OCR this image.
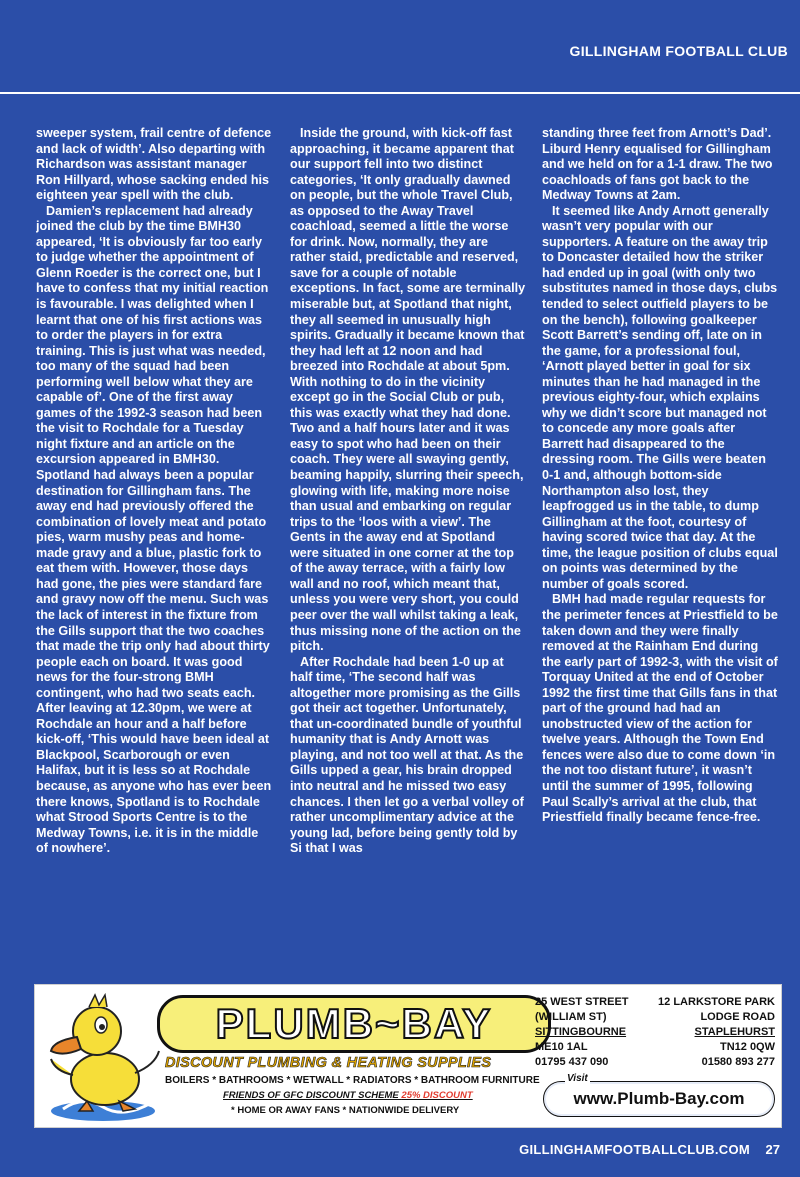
GILLINGHAM FOOTBALL CLUB

sweeper system, frail centre of defence and lack of width’. Also departing with Richardson was assistant manager Ron Hillyard, whose sacking ended his eighteen year spell with the club.

Damien’s replacement had already joined the club by the time BMH30 appeared, ‘It is obviously far too early to judge whether the appointment of Glenn Roeder is the correct one, but I have to confess that my initial reaction is favourable. I was delighted when I learnt that one of his first actions was to order the players in for extra training. This is just what was needed, too many of the squad had been performing well below what they are capable of’. One of the first away games of the 1992-3 season had been the visit to Rochdale for a Tuesday night fixture and an article on the excursion appeared in BMH30. Spotland had always been a popular destination for Gillingham fans. The away end had previously offered the combination of lovely meat and potato pies, warm mushy peas and home-made gravy and a blue, plastic fork to eat them with. However, those days had gone, the pies were standard fare and gravy now off the menu. Such was the lack of interest in the fixture from the Gills support that the two coaches that made the trip only had about thirty people each on board. It was good news for the four-strong BMH contingent, who had two seats each. After leaving at 12.30pm, we were at Rochdale an hour and a half before kick-off, ‘This would have been ideal at Blackpool, Scarborough or even Halifax, but it is less so at Rochdale because, as anyone who has ever been there knows, Spotland is to Rochdale what Strood Sports Centre is to the Medway Towns, i.e. it is in the middle of nowhere’.

Inside the ground, with kick-off fast approaching, it became apparent that our support fell into two distinct categories, ‘It only gradually dawned on people, but the whole Travel Club, as opposed to the Away Travel coachload, seemed a little the worse for drink. Now, normally, they are rather staid, predictable and reserved, save for a couple of notable exceptions. In fact, some are terminally miserable but, at Spotland that night, they all seemed in unusually high spirits. Gradually it became known that they had left at 12 noon and had breezed into Rochdale at about 5pm. With nothing to do in the vicinity except go in the Social Club or pub, this was exactly what they had done. Two and a half hours later and it was easy to spot who had been on their coach. They were all swaying gently, beaming happily, slurring their speech, glowing with life, making more noise than usual and embarking on regular trips to the ‘loos with a view’. The Gents in the away end at Spotland were situated in one corner at the top of the away terrace, with a fairly low wall and no roof, which meant that, unless you were very short, you could peer over the wall whilst taking a leak, thus missing none of the action on the pitch.

After Rochdale had been 1-0 up at half time, ‘The second half was altogether more promising as the Gills got their act together. Unfortunately, that un-coordinated bundle of youthful humanity that is Andy Arnott was playing, and not too well at that. As the Gills upped a gear, his brain dropped into neutral and he missed two easy chances. I then let go a verbal volley of rather uncomplimentary advice at the young lad, before being gently told by Si that I was

standing three feet from Arnott’s Dad’. Liburd Henry equalised for Gillingham and we held on for a 1-1 draw. The two coachloads of fans got back to the Medway Towns at 2am.

It seemed like Andy Arnott generally wasn’t very popular with our supporters. A feature on the away trip to Doncaster detailed how the striker had ended up in goal (with only two substitutes named in those days, clubs tended to select outfield players to be on the bench), following goalkeeper Scott Barrett’s sending off, late on in the game, for a professional foul, ‘Arnott played better in goal for six minutes than he had managed in the previous eighty-four, which explains why we didn’t score but managed not to concede any more goals after Barrett had disappeared to the dressing room. The Gills were beaten 0-1 and, although bottom-side Northampton also lost, they leapfrogged us in the table, to dump Gillingham at the foot, courtesy of having scored twice that day. At the time, the league position of clubs equal on points was determined by the number of goals scored.

BMH had made regular requests for the perimeter fences at Priestfield to be taken down and they were finally removed at the Rainham End during the early part of 1992-3, with the visit of Torquay United at the end of October 1992 the first time that Gills fans in that part of the ground had had an unobstructed view of the action for twelve years. Although the Town End fences were also due to come down ‘in the not too distant future’, it wasn’t until the summer of 1995, following Paul Scally’s arrival at the club, that Priestfield finally became fence-free.

PLUMB~BAY
DISCOUNT PLUMBING & HEATING SUPPLIES
BOILERS * BATHROOMS * WETWALL * RADIATORS * BATHROOM FURNITURE
FRIENDS OF GFC DISCOUNT SCHEME 25% DISCOUNT
* HOME OR AWAY FANS * NATIONWIDE DELIVERY
25 WEST STREET
(WILLIAM ST)
SITTINGBOURNE
ME10 1AL
01795 437 090
12 LARKSTORE PARK
LODGE ROAD
STAPLEHURST
TN12 0QW
01580 893 277
www.Plumb-Bay.com
Visit
GILLINGHAMFOOTBALLCLUB.COM 27
